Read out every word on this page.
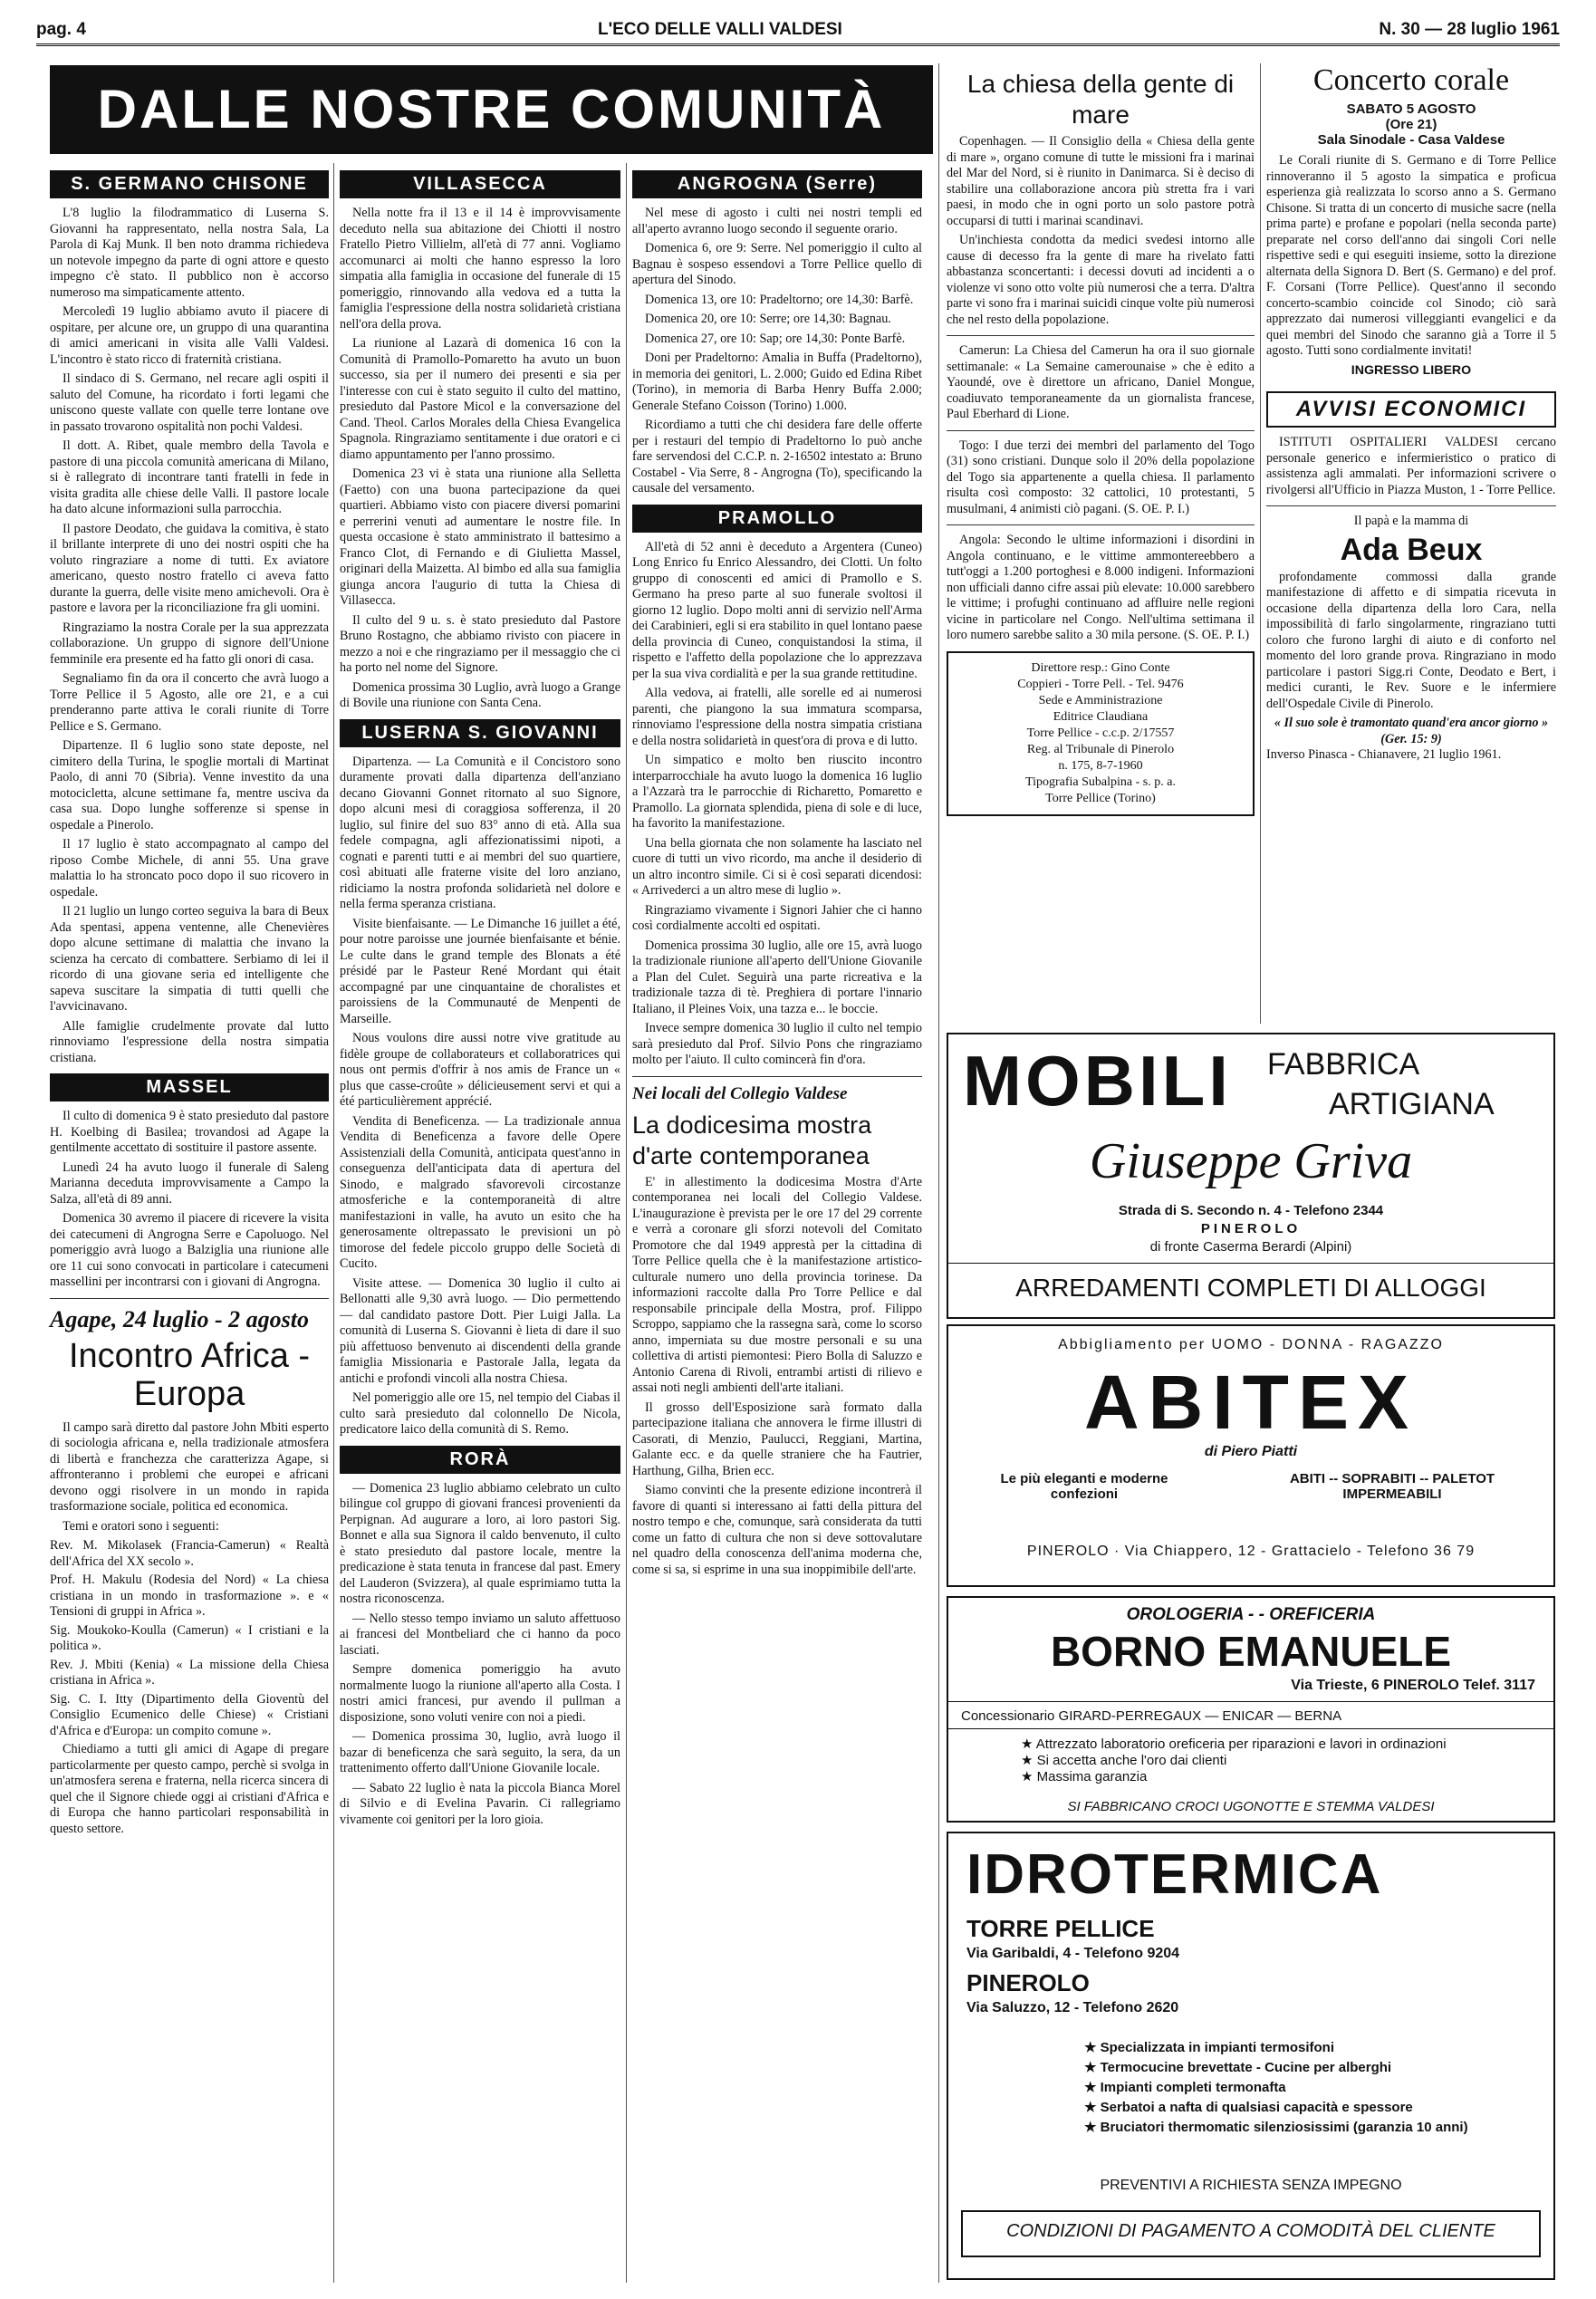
pag. 4	L'ECO DELLE VALLI VALDESI	N. 30 — 28 luglio 1961
DALLE NOSTRE COMUNITÀ
S. GERMANO CHISONE

L'8 luglio la filodrammatico di Luserna S. Giovanni ha rappresentato, nella nostra Sala, La Parola di Kaj Munk. Il ben noto dramma richiedeva un notevole impegno da parte di ogni attore e questo impegno c'è stato. Il pubblico non è accorso numeroso ma simpaticamente attento.

Mercoledì 19 luglio abbiamo avuto il piacere di ospitare, per alcune ore, un gruppo di una quarantina di amici americani in visita alle Valli Valdesi. L'incontro è stato ricco di fraternità cristiana.

Il sindaco di S. Germano, nel recare agli ospiti il saluto del Comune, ha ricordato i forti legami che uniscono queste vallate con quelle terre lontane ove in passato trovarono ospitalità non pochi Valdesi.

Il dott. A. Ribet, quale membro della Tavola e pastore di una piccola comunità americana di Milano, si è rallegrato di incontrare tanti fratelli in fede in visita gradita alle chiese delle Valli. Il pastore locale ha dato alcune informazioni sulla parrocchia.

Il pastore Deodato, che guidava la comitiva, è stato il brillante interprete di uno dei nostri ospiti che ha voluto ringraziare a nome di tutti. Ex aviatore americano, questo nostro fratello ci aveva fatto durante la guerra, delle visite meno amichevoli. Ora è pastore e lavora per la riconciliazione fra gli uomini.

Ringraziamo la nostra Corale per la sua apprezzata collaborazione. Un gruppo di signore dell'Unione femminile era presente ed ha fatto gli onori di casa.

Segnaliamo fin da ora il concerto che avrà luogo a Torre Pellice il 5 Agosto, alle ore 21, e a cui prenderanno parte attiva le corali riunite di Torre Pellice e S. Germano.

Dipartenze. Il 6 luglio sono state deposte, nel cimitero della Turina, le spoglie mortali di Martinat Paolo, di anni 70 (Sibria). Venne investito da una motocicletta, alcune settimane fa, mentre usciva da casa sua. Dopo lunghe sofferenze si spense in ospedale a Pinerolo.

Il 17 luglio è stato accompagnato al campo del riposo Combe Michele, di anni 55. Una grave malattia lo ha stroncato poco dopo il suo ricovero in ospedale.

Il 21 luglio un lungo corteo seguiva la bara di Beux Ada spentasi, appena ventenne, alle Chenevières dopo alcune settimane di malattia che invano la scienza ha cercato di combattere. Serbiamo di lei il ricordo di una giovane seria ed intelligente che sapeva suscitare la simpatia di tutti quelli che l'avvicinavano.

Alle famiglie crudelmente provate dal lutto rinnoviamo l'espressione della nostra simpatia cristiana.

MASSEL

Il culto di domenica 9 è stato presieduto dal pastore H. Koelbing di Basilea; trovandosi ad Agape la gentilmente accettato di sostituire il pastore assente.

Lunedì 24 ha avuto luogo il funerale di Saleng Marianna deceduta improvvisamente a Campo la Salza, all'età di 89 anni.

Domenica 30 avremo il piacere di ricevere la visita dei catecumeni di Angrogna Serre e Capoluogo. Nel pomeriggio avrà luogo a Balziglia una riunione alle ore 11 cui sono convocati in particolare i catecumeni massellini per incontrarsi con i giovani di Angrogna.

Agape, 24 luglio - 2 agosto
Incontro Africa - Europa

Il campo sarà diretto dal pastore John Mbiti esperto di sociologia africana e, nella tradizionale atmosfera di libertà e franchezza che caratterizza Agape, si affronteranno i problemi che europei e africani devono oggi risolvere in un mondo in rapida trasformazione sociale, politica ed economica.

Temi e oratori sono i seguenti:

Rev. M. Mikolasek (Francia-Camerun) « Realtà dell'Africa del XX secolo ».
Prof. H. Makulu (Rodesia del Nord) « La chiesa cristiana in un mondo in trasformazione ». e « Tensioni di gruppi in Africa ».
Sig. Moukoko-Koulla (Camerun) « I cristiani e la politica ».
Rev. J. Mbiti (Kenia) « La missione della Chiesa cristiana in Africa ».
Sig. C. I. Itty (Dipartimento della Gioventù del Consiglio Ecumenico delle Chiese) « Cristiani d'Africa e d'Europa: un compito comune ».

Chiediamo a tutti gli amici di Agape di pregare particolarmente per questo campo, perchè si svolga in un'atmosfera serena e fraterna, nella ricerca sincera di quel che il Signore chiede oggi ai cristiani d'Africa e di Europa che hanno particolari responsabilità in questo settore.

VILLASECCA

Nella notte fra il 13 e il 14 è improvvisamente deceduto nella sua abitazione dei Chiotti il nostro Fratello Pietro Villielm, all'età di 77 anni. Vogliamo accomunarci ai molti che hanno espresso la loro simpatia alla famiglia in occasione del funerale di 15 pomeriggio, rinnovando alla vedova ed a tutta la famiglia l'espressione della nostra solidarietà cristiana nell'ora della prova.

La riunione al Lazarà di domenica 16 con la Comunità di Pramollo-Pomaretto ha avuto un buon successo, sia per il numero dei presenti e sia per l'interesse con cui è stato seguito il culto del mattino, presieduto dal Pastore Micol e la conversazione del Cand. Theol. Carlos Morales della Chiesa Evangelica Spagnola. Ringraziamo sentitamente i due oratori e ci diamo appuntamento per l'anno prossimo.

Domenica 23 vi è stata una riunione alla Selletta (Faetto) con una buona partecipazione da quei quartieri. Abbiamo visto con piacere diversi pomarini e perrerini venuti ad aumentare le nostre file. In questa occasione è stato amministrato il battesimo a Franco Clot, di Fernando e di Giulietta Massel, originari della Maizetta. Al bimbo ed alla sua famiglia giunga ancora l'augurio di tutta la Chiesa di Villasecca.

Il culto del 9 u. s. è stato presieduto dal Pastore Bruno Rostagno, che abbiamo rivisto con piacere in mezzo a noi e che ringraziamo per il messaggio che ci ha porto nel nome del Signore.

Domenica prossima 30 Luglio, avrà luogo a Grange di Bovile una riunione con Santa Cena.

LUSERNA S. GIOVANNI

Dipartenza. — La Comunità e il Concistoro sono duramente provati dalla dipartenza dell'anziano decano Giovanni Gonnet ritornato al suo Signore, dopo alcuni mesi di coraggiosa sofferenza, il 20 luglio, sul finire del suo 83° anno di età. Alla sua fedele compagna, agli affezionatissimi nipoti, a cognati e parenti tutti e ai membri del suo quartiere, così abituati alle fraterne visite del loro anziano, ridiciamo la nostra profonda solidarietà nel dolore e nella ferma speranza cristiana.

Visite bienfaisante. — Le Dimanche 16 juillet a été, pour notre paroisse une journée bienfaisante et bénie. Le culte dans le grand temple des Blonats a été présidé par le Pasteur René Mordant qui était accompagné par une cinquantaine de choralistes et paroissiens de la Communauté de Menpenti de Marseille.

Nous voulons dire aussi notre vive gratitude au fidèle groupe de collaborateurs et collaboratrices qui nous ont permis d'offrir à nos amis de France un « plus que casse-croûte » délicieusement servi et qui a été particulièrement apprécié.

Vendita di Beneficenza. — La tradizionale annua Vendita di Beneficenza a favore delle Opere Assistenziali della Comunità, anticipata quest'anno in conseguenza dell'anticipata data di apertura del Sinodo, e malgrado sfavorevoli circostanze atmosferiche e la contemporaneità di altre manifestazioni in valle, ha avuto un esito che ha generosamente oltrepassato le previsioni un pò timorose del fedele piccolo gruppo delle Società di Cucito.

Visite attese. — Domenica 30 luglio il culto ai Bellonatti alle 9,30 avrà luogo. — Dio permettendo — dal candidato pastore Dott. Pier Luigi Jalla. La comunità di Luserna S. Giovanni è lieta di dare il suo più affettuoso benvenuto ai discendenti della grande famiglia Missionaria e Pastorale Jalla, legata da antichi e profondi vincoli alla nostra Chiesa.

Nel pomeriggio alle ore 15, nel tempio del Ciabas il culto sarà presieduto dal colonnello De Nicola, predicatore laico della comunità di S. Remo.

RORÀ

— Domenica 23 luglio abbiamo celebrato un culto bilingue col gruppo di giovani francesi provenienti da Perpignan. Ad augurare a loro, ai loro pastori Sig. Bonnet e alla sua Signora il caldo benvenuto, il culto è stato presieduto dal pastore locale, mentre la predicazione è stata tenuta in francese dal past. Emery del Lauderon (Svizzera), al quale esprimiamo tutta la nostra riconoscenza.

— Nello stesso tempo inviamo un saluto affettuoso ai francesi del Montbeliard che ci hanno da poco lasciati.

Sempre domenica pomeriggio ha avuto normalmente luogo la riunione all'aperto alla Costa. I nostri amici francesi, pur avendo il pullman a disposizione, sono voluti venire con noi a piedi.

— Domenica prossima 30, luglio, avrà luogo il bazar di beneficenza che sarà seguito, la sera, da un trattenimento offerto dall'Unione Giovanile locale.

— Sabato 22 luglio è nata la piccola Bianca Morel di Silvio e di Evelina Pavarin. Ci rallegriamo vivamente coi genitori per la loro gioia.

ANGROGNA (Serre)

Nel mese di agosto i culti nei nostri templi ed all'aperto avranno luogo secondo il seguente orario.

Domenica 6, ore 9: Serre. Nel pomeriggio il culto al Bagnau è sospeso essendovi a Torre Pellice quello di apertura del Sinodo.

Domenica 13, ore 10: Pradeltorno; ore 14,30: Barfè.

Domenica 20, ore 10: Serre; ore 14,30: Bagnau.

Domenica 27, ore 10: Sap; ore 14,30: Ponte Barfè.

Doni per Pradeltorno: Amalia in Buffa (Pradeltorno), in memoria dei genitori, L. 2.000; Guido ed Edina Ribet (Torino), in memoria di Barba Henry Buffa 2.000; Generale Stefano Coisson (Torino) 1.000.

Ricordiamo a tutti che chi desidera fare delle offerte per i restauri del tempio di Pradeltorno lo può anche fare servendosi del C.C.P. n. 2-16502 intestato a: Bruno Costabel - Via Serre, 8 - Angrogna (To), specificando la causale del versamento.

PRAMOLLO

All'età di 52 anni è deceduto a Argentera (Cuneo) Long Enrico fu Enrico Alessandro, dei Clotti. Un folto gruppo di conoscenti ed amici di Pramollo e S. Germano ha preso parte al suo funerale svoltosi il giorno 12 luglio. Dopo molti anni di servizio nell'Arma dei Carabinieri, egli si era stabilito in quel lontano paese della provincia di Cuneo, conquistandosi la stima, il rispetto e l'affetto della popolazione che lo apprezzava per la sua viva cordialità e per la sua grande rettitudine.

Alla vedova, ai fratelli, alle sorelle ed ai numerosi parenti, che piangono la sua immatura scomparsa, rinnoviamo l'espressione della nostra simpatia cristiana e della nostra solidarietà in quest'ora di prova e di lutto.

Un simpatico e molto ben riuscito incontro interparrocchiale ha avuto luogo la domenica 16 luglio a l'Azzarà tra le parrocchie di Richaretto, Pomaretto e Pramollo. La giornata splendida, piena di sole e di luce, ha favorito la manifestazione.

Una bella giornata che non solamente ha lasciato nel cuore di tutti un vivo ricordo, ma anche il desiderio di un altro incontro simile. Ci si è così separati dicendosi: « Arrivederci a un altro mese di luglio ».

Ringraziamo vivamente i Signori Jahier che ci hanno così cordialmente accolti ed ospitati.

Domenica prossima 30 luglio, alle ore 15, avrà luogo la tradizionale riunione all'aperto dell'Unione Giovanile a Plan del Culet. Seguirà una parte ricreativa e la tradizionale tazza di tè. Preghiera di portare l'innario Italiano, il Pleines Voix, una tazza e... le boccie.

Invece sempre domenica 30 luglio il culto nel tempio sarà presieduto dal Prof. Silvio Pons che ringraziamo molto per l'aiuto. Il culto comincerà fin d'ora.

Nei locali del Collegio Valdese
La dodicesima mostra d'arte contemporanea

E' in allestimento la dodicesima Mostra d'Arte contemporanea nei locali del Collegio Valdese. L'inaugurazione è prevista per le ore 17 del 29 corrente e verrà a coronare gli sforzi notevoli del Comitato Promotore che dal 1949 apprestà per la cittadina di Torre Pellice quella che è la manifestazione artistico-culturale numero uno della provincia torinese. Da informazioni raccolte dalla Pro Torre Pellice e dal responsabile principale della Mostra, prof. Filippo Scroppo, sappiamo che la rassegna sarà, come lo scorso anno, imperniata su due mostre personali e su una collettiva di artisti piemontesi: Piero Bolla di Saluzzo e Antonio Carena di Rivoli, entrambi artisti di rilievo e assai noti negli ambienti dell'arte italiani.

Il grosso dell'Esposizione sarà formato dalla partecipazione italiana che annovera le firme illustri di Casorati, di Menzio, Paulucci, Reggiani, Martina, Galante ecc. e da quelle straniere che ha Fautrier, Harthung, Gilha, Brien ecc.

Siamo convinti che la presente edizione incontrerà il favore di quanti si interessano ai fatti della pittura del nostro tempo e che, comunque, sarà considerata da tutti come un fatto di cultura che non si deve sottovalutare nel quadro della conoscenza dell'anima moderna che, come si sa, si esprime in una sua inoppimibile dell'arte.

La chiesa della gente di mare

Copenhagen. — Il Consiglio della « Chiesa della gente di mare », organo comune di tutte le missioni fra i marinai del Mar del Nord, si è riunito in Danimarca. Si è deciso di stabilire una collaborazione ancora più stretta fra i vari paesi, in modo che in ogni porto un solo pastore potrà occuparsi di tutti i marinai scandinavi.

Un'inchiesta condotta da medici svedesi intorno alle cause di decesso fra la gente di mare ha rivelato fatti abbastanza sconcertanti: i decessi dovuti ad incidenti a o violenze vi sono otto volte più numerosi che a terra. D'altra parte vi sono fra i marinai suicidi cinque volte più numerosi che nel resto della popolazione.

Camerun: La Chiesa del Camerun ha ora il suo giornale settimanale: « La Semaine camerounaise » che è edito a Yaoundé, ove è direttore un africano, Daniel Mongue, coadiuvato temporaneamente da un giornalista francese, Paul Eberhard di Lione.

Togo: I due terzi dei membri del parlamento del Togo (31) sono cristiani. Dunque solo il 20% della popolazione del Togo sia appartenente a quella chiesa. Il parlamento risulta così composto: 32 cattolici, 10 protestanti, 5 musulmani, 4 animisti ciò pagani. (S. OE. P. I.)

Angola: Secondo le ultime informazioni i disordini in Angola continuano, e le vittime ammontereebbero a tutt'oggi a 1.200 portoghesi e 8.000 indigeni. Informazioni non ufficiali danno cifre assai più elevate: 10.000 sarebbero le vittime; i profughi continuano ad affluire nelle regioni vicine in particolare nel Congo. Nell'ultima settimana il loro numero sarebbe salito a 30 mila persone. (S. OE. P. I.)

Direttore resp.: Gino Conte
Coppieri - Torre Pell. - Tel. 9476
Sede e Amministrazione
Editrice Claudiana
Torre Pellice - c.c.p. 2/17557
Reg. al Tribunale di Pinerolo
n. 175, 8-7-1960
Tipografia Subalpina - s. p. a.
Torre Pellice (Torino)
Concerto corale
SABATO 5 AGOSTO
(Ore 21)
Sala Sinodale - Casa Valdese

Le Corali riunite di S. Germano e di Torre Pellice rinnoveranno il 5 agosto la simpatica e proficua esperienza già realizzata lo scorso anno a S. Germano Chisone. Si tratta di un concerto di musiche sacre (nella prima parte) e profane e popolari (nella seconda parte) preparate nel corso dell'anno dai singoli Cori nelle rispettive sedi e qui eseguiti insieme, sotto la direzione alternata della Signora D. Bert (S. Germano) e del prof. F. Corsani (Torre Pellice). Quest'anno il secondo concerto-scambio coincide col Sinodo; ciò sarà apprezzato dai numerosi villeggianti evangelici e da quei membri del Sinodo che saranno già a Torre il 5 agosto. Tutti sono cordialmente invitati!

INGRESSO LIBERO
AVVISI ECONOMICI

ISTITUTI OSPITALIERI VALDESI cercano personale generico e infermieristico o pratico di assistenza agli ammalati. Per informazioni scrivere o rivolgersi all'Ufficio in Piazza Muston, 1 - Torre Pellice.

Il papà e la mamma di
Ada Beux

profondamente commossi dalla grande manifestazione di affetto e di simpatia ricevuta in occasione della dipartenza della loro Cara, nella impossibilità di farlo singolarmente, ringraziano tutti coloro che furono larghi di aiuto e di conforto nel momento del loro grande prova. Ringraziano in modo particolare i pastori Sigg.ri Conte, Deodato e Bert, i medici curanti, le Rev. Suore e le infermiere dell'Ospedale Civile di Pinerolo.

« Il suo sole è tramontato quand'era ancor giorno » (Ger. 15: 9)
Inverso Pinasca - Chianavere, 21 luglio 1961.
MOBILI FABBRICA
ARTIGIANA
Giuseppe Griva
Strada di S. Secondo n. 4 - Telefono 2344
PINEROLO
di fronte Caserma Berardi (Alpini)
ARREDAMENTI COMPLETI DI ALLOGGI
Abbigliamento per UOMO - DONNA - RAGAZZO
ABITEX
di Piero Piatti
Le più eleganti e moderne confezioni
ABITI -- SOPRABITI -- PALETOT IMPERMEABILI
PINEROLO · Via Chiappero, 12 - Grattacielo - Telefono 36 79
OROLOGERIA - - OREFICERIA
BORNO EMANUELE
Via Trieste, 6 PINEROLO Telef. 3117
Concessionario GIRARD-PERREGAUX — ENICAR — BERNA
★ Attrezzato laboratorio oreficeria per riparazioni e lavori in ordinazioni
★ Si accetta anche l'oro dai clienti
★ Massima garanzia
SI FABBRICANO CROCI UGONOTTE E STEMMA VALDESI
IDROTERMICA
TORRE PELLICE
Via Garibaldi, 4 - Telefono 9204
PINEROLO
Via Saluzzo, 12 - Telefono 2620
★ Specializzata in impianti termosifoni
★ Termocucine brevettate - Cucine per alberghi
★ Impianti completi termonafta
★ Serbatoi a nafta di qualsiasi capacità e spessore
★ Bruciatori thermomatic silenziosissimi (garanzia 10 anni)
PREVENTIVI A RICHIESTA SENZA IMPEGNO
CONDIZIONI DI PAGAMENTO A COMODITÀ DEL CLIENTE
